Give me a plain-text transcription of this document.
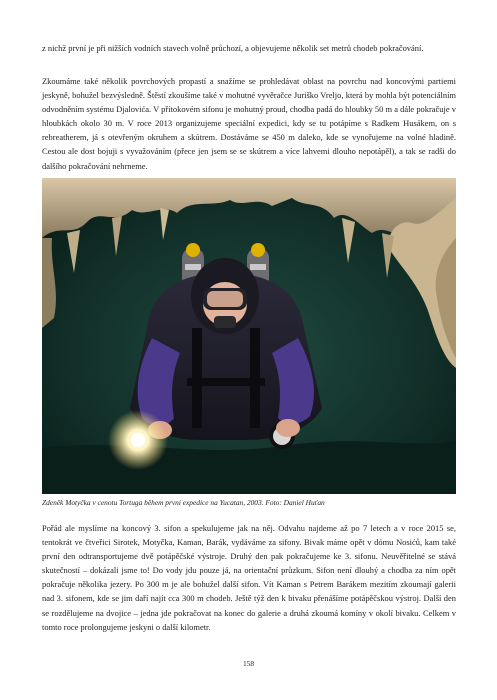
z nichž první je při nižších vodních stavech volně průchozí, a objevujeme několik set metrů chodeb pokračování.

Zkoumáme také několik povrchových propastí a snažíme se prohledávat oblast na povrchu nad koncovými partiemi jeskyně, bohužel bezvýsledně. Štěstí zkoušíme také v mohutné vyvěračce Juriško Vreljo, která by mohla být potenciálním odvodněním systému Djalovića. V přítokovém sifonu je mohutný proud, chodba padá do hloubky 50 m a dále pokračuje v hloubkách okolo 30 m. V roce 2013 organizujeme speciální expedici, kdy se tu potápíme s Radkem Husákem, on s rebreatherem, já s otevřeným okruhem a skútrem. Dostáváme se 450 m daleko, kde se vynořujeme na volné hladině. Cestou ale dost bojuji s vyvažováním (přece jen jsem se se skútrem a více lahvemi dlouho nepotápěl), a tak se radši do dalšího pokračování nehrneme.

Zdeněk Motyčka v cenotu Tortuga během první expedice na Yucatan, 2003. Foto: Daniel Huťan

Pořád ale myslíme na koncový 3. sifon a spekulujeme jak na něj. Odvahu najdeme až po 7 letech a v roce 2015 se, tentokrát ve čtveřici Sirotek, Motyčka, Kaman, Barák, vydáváme za sifony. Bivak máme opět v dómu Nosićů, kam také první den odtransportujeme dvě potápěčské výstroje. Druhý den pak pokračujeme ke 3. sifonu. Neuvěřitelné se stává skutečností – dokázali jsme to! Do vody jdu pouze já, na orientační průzkum. Sifon není dlouhý a chodba za ním opět pokračuje několika jezery. Po 300 m je ale bohužel další sifon. Vít Kaman s Petrem Barákem mezitím zkoumají galerii nad 3. sifonem, kde se jim daří najít cca 300 m chodeb. Ještě týž den k bivaku přenášíme potápěčskou výstroj. Další den se rozdělujeme na dvojice – jedna jde pokračovat na konec do galerie a druhá zkoumá komíny v okolí bivaku. Celkem v tomto roce prolongujeme jeskyni o další kilometr.

158
